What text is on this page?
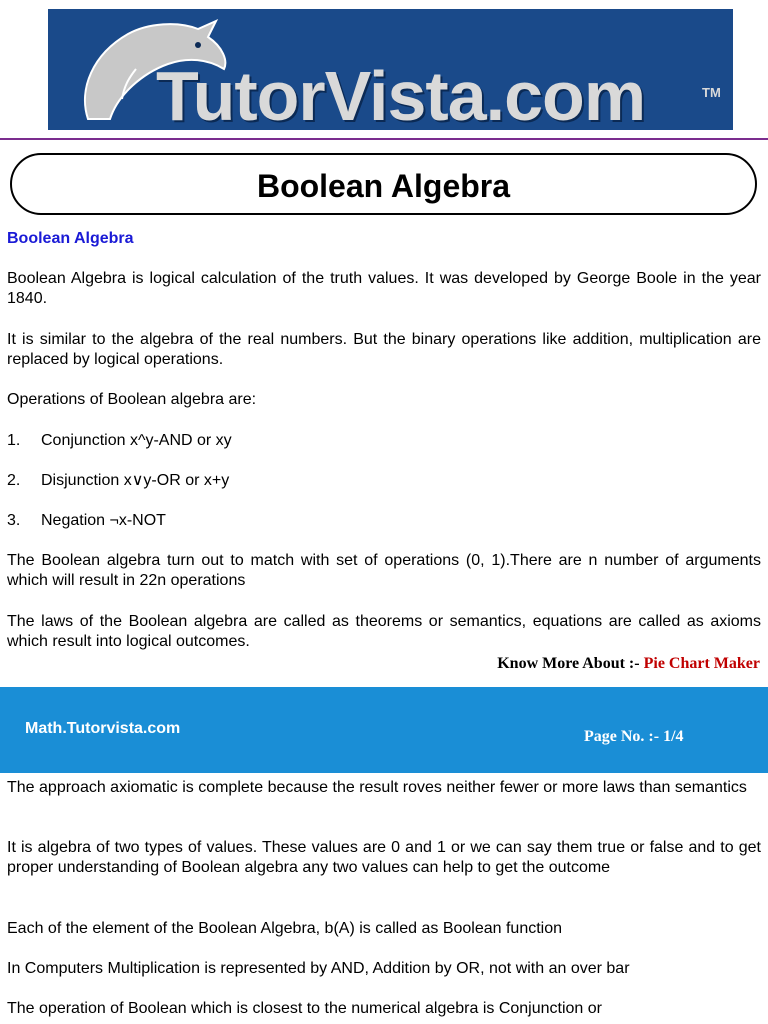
TutorVista.com	TM
Boolean Algebra
Boolean Algebra

Boolean Algebra is logical calculation of the truth values. It was developed by George Boole in the year 1840.

It is similar to the algebra of the real numbers. But the binary operations like addition, multiplication are replaced by logical operations.

Operations of Boolean algebra are:

1. Conjunction x^y-AND or xy
2. Disjunction x∨y-OR or x+y
3. Negation ¬x-NOT

The Boolean algebra turn out to match with set of operations (0, 1).There are n number of arguments which will result in 22n operations

The laws of the Boolean algebra are called as theorems or semantics, equations are called as axioms which result into logical outcomes.

Know More About :- Pie Chart Maker
Math.Tutorvista.com	Page No. :- 1/4

The approach axiomatic is complete because the result roves neither fewer or more laws than semantics

It is algebra of two types of values. These values are 0 and 1 or we can say them true or false and to get proper understanding of Boolean algebra any two values can help to get the outcome

Each of the element of the Boolean Algebra, b(A) is called as Boolean function

In Computers Multiplication is represented by AND, Addition by OR, not with an over bar

The operation of Boolean which is closest to the numerical algebra is Conjunction or
